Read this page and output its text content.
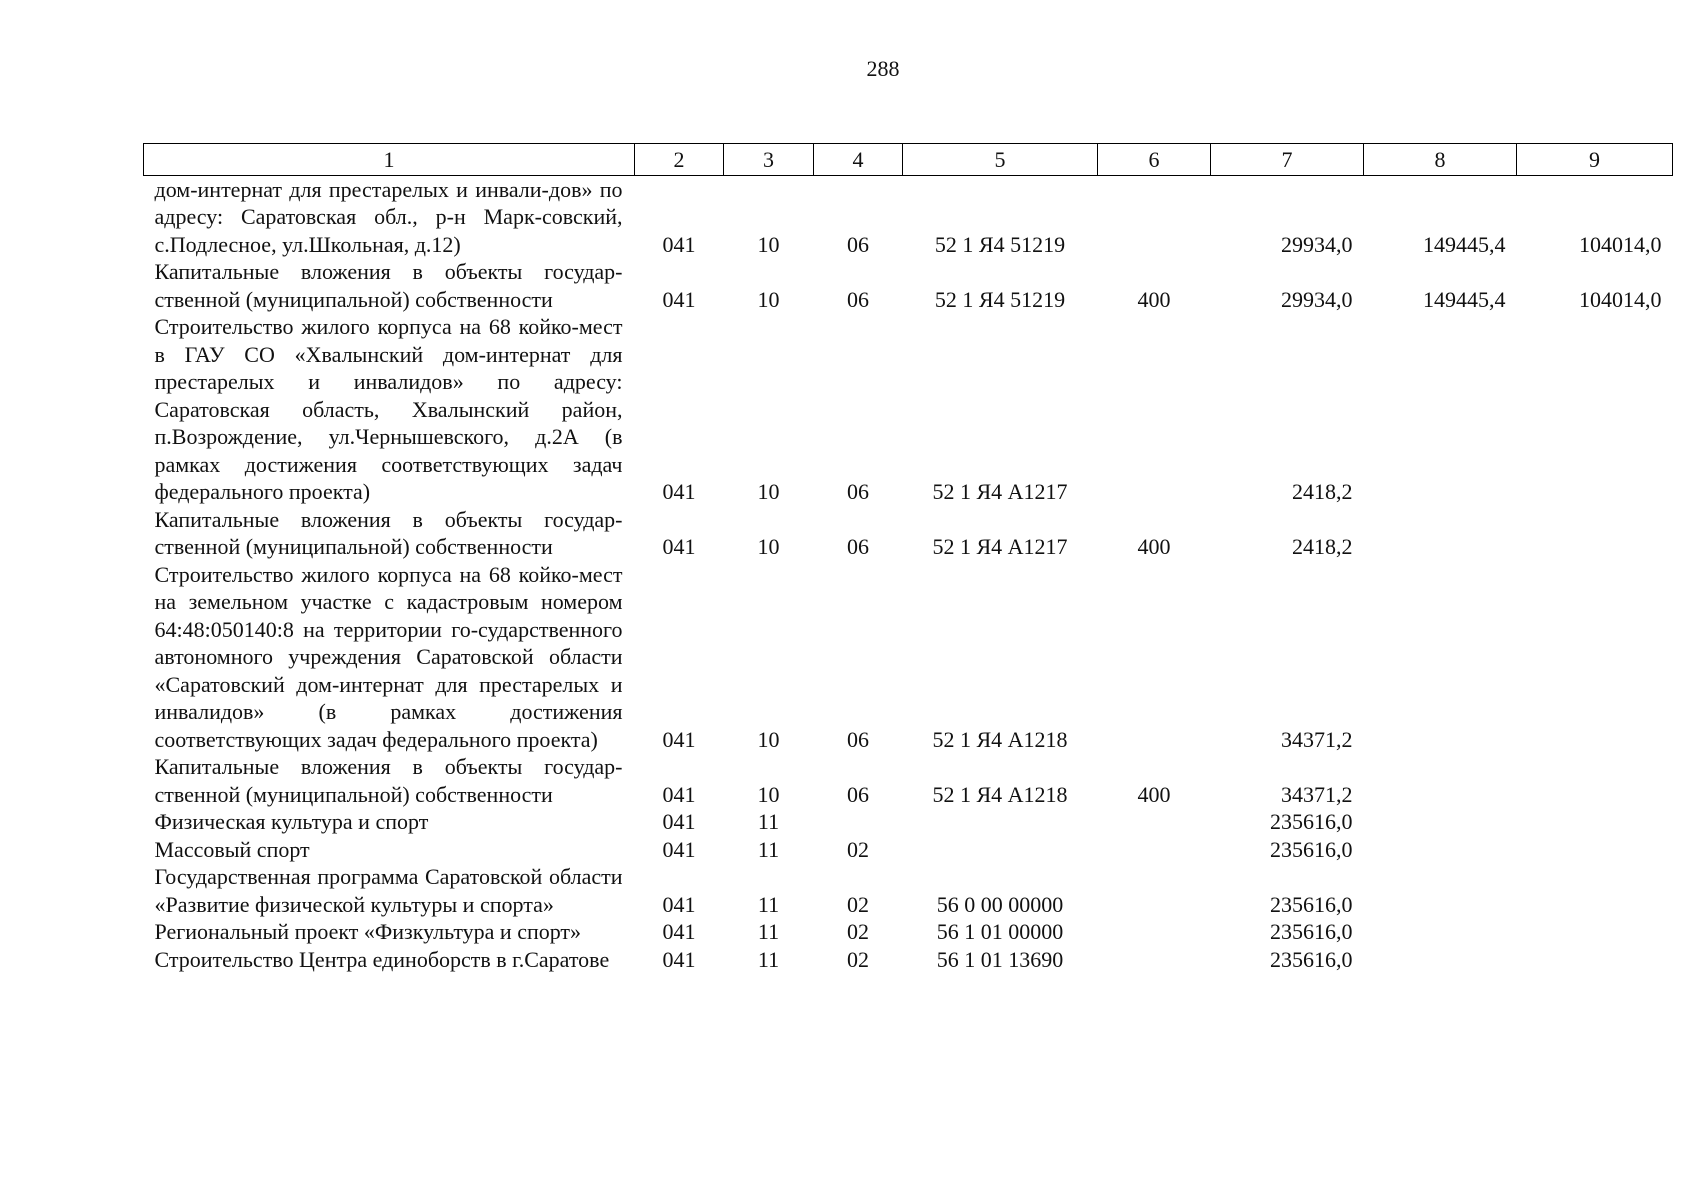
288
1	2	3	4	5	6	7	8	9
дом-интернат для престарелых и инвали-дов» по адресу: Саратовская обл., р-н Марк-совский, с.Подлесное, ул.Школьная, д.12)	041	10	06	52 1 Я4 51219		29934,0	149445,4	104014,0
Капитальные вложения в объекты государ-ственной (муниципальной) собственности	041	10	06	52 1 Я4 51219	400	29934,0	149445,4	104014,0
Строительство жилого корпуса на 68 койко-мест в ГАУ СО «Хвалынский дом-интернат для престарелых и инвалидов» по адресу: Саратовская область, Хвалынский район, п.Возрождение, ул.Чернышевского, д.2А (в рамках достижения соответствующих задач федерального проекта)	041	10	06	52 1 Я4 А1217		2418,2		
Капитальные вложения в объекты государ-ственной (муниципальной) собственности	041	10	06	52 1 Я4 А1217	400	2418,2		
Строительство жилого корпуса на 68 койко-мест на земельном участке с кадастровым номером 64:48:050140:8 на территории го-сударственного автономного учреждения Саратовской области «Саратовский дом-интернат для престарелых и инвалидов» (в рамках достижения соответствующих задач федерального проекта)	041	10	06	52 1 Я4 А1218		34371,2		
Капитальные вложения в объекты государ-ственной (муниципальной) собственности	041	10	06	52 1 Я4 А1218	400	34371,2		
Физическая культура и спорт	041	11				235616,0		
Массовый спорт	041	11	02			235616,0		
Государственная программа Саратовской области «Развитие физической культуры и спорта»	041	11	02	56 0 00 00000		235616,0		
Региональный проект «Физкультура и спорт»	041	11	02	56 1 01 00000		235616,0		
Строительство Центра единоборств в г.Саратове	041	11	02	56 1 01 13690		235616,0		
